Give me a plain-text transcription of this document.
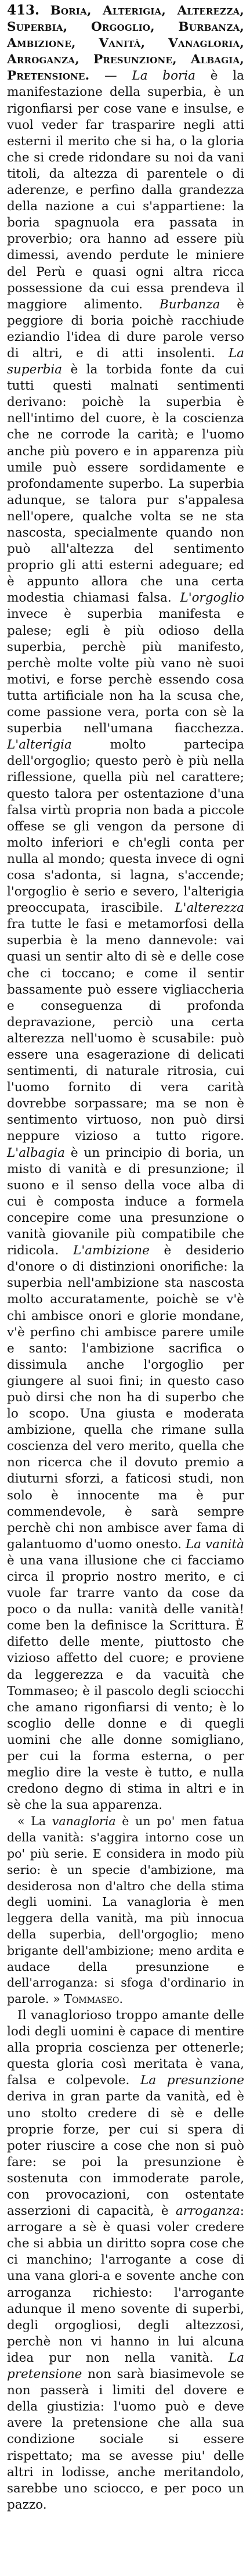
413. Boria, Alterigia, Alterezza, Superbia, Orgoglio, Burbanza, Ambizione, Vanità, Vanagloria, Arroganza, Presunzione, Albagia, Pretensione. — La boria è la manifestazione della superbia, è un rigonfiarsi per cose vane e insulse, e vuol veder far trasparire negli atti esterni il merito che si ha, o la gloria che si crede ridondare su noi da vani titoli, da altezza di parentele o di aderenze, e perfino dalla grandezza della nazione a cui s'appartiene: la boria spagnuola era passata in proverbio; ora hanno ad essere più dimessi, avendo perdute le miniere del Perù e quasi ogni altra ricca possessione da cui essa prendeva il maggiore alimento. Burbanza è peggiore di boria poichè racchiude eziandio l'idea di dure parole verso di altri, e di atti insolenti. La superbia è la torbida fonte da cui tutti questi malnati sentimenti derivano: poichè la superbia è nell'intimo del cuore, è la coscienza che ne corrode la carità; e l'uomo anche più povero e in apparenza più umile può essere sordidamente e profondamente superbo. La superbia adunque, se talora pur s'appalesa nell'opere, qualche volta se ne sta nascosta, specialmente quando non può all'altezza del sentimento proprio gli atti esterni adeguare; ed è appunto allora che una certa modestia chiamasi falsa. L'orgoglio invece è superbia manifesta e palese; egli è più odioso della superbia, perchè più manifesto, perchè molte volte più vano nè suoi motivi, e forse perchè essendo cosa tutta artificiale non ha la scusa che, come passione vera, porta con sè la superbia nell'umana fiacchezza. L'alterigia molto partecipa dell'orgoglio; questo però è più nella riflessione, quella più nel carattere; questo talora per ostentazione d'una falsa virtù propria non bada a piccole offese se gli vengon da persone di molto inferiori e ch'egli conta per nulla al mondo; questa invece di ogni cosa s'adonta, si lagna, s'accende; l'orgoglio è serio e severo, l'alterigia preoccupata, irascibile. L'alterezza fra tutte le fasi e metamorfosi della superbia è la meno dannevole: vai quasi un sentir alto di sè e delle cose che ci toccano; e come il sentir bassamente può essere vigliaccheria e conseguenza di profonda depravazione, perciò una certa alterezza nell'uomo è scusabile: può essere una esagerazione di delicati sentimenti, di naturale ritrosia, cui l'uomo fornito di vera carità dovrebbe sorpassare; ma se non è sentimento virtuoso, non può dirsi neppure vizioso a tutto rigore. L'albagia è un principio di boria, un misto di vanità e di presunzione; il suono e il senso della voce alba di cui è composta induce a formela concepire come una presunzione o vanità giovanile più compatibile che ridicola. L'ambizione è desiderio d'onore o di distinzioni onorifiche: la superbia nell'ambizione sta nascosta molto accuratamente, poichè se v'è chi ambisce onori e glorie mondane, v'è perfino chi ambisce parere umile e santo: l'ambizione sacrifica o dissimula anche l'orgoglio per giungere al suoi fini; in questo caso può dirsi che non ha di superbo che lo scopo. Una giusta e moderata ambizione, quella che rimane sulla coscienza del vero merito, quella che non ricerca che il dovuto premio a diuturni sforzi, a faticosi studi, non solo è innocente ma è pur commendevole, è sarà sempre perchè chi non ambisce aver fama di galantuomo d'uomo onesto. La vanità è una vana illusione che ci facciamo circa il proprio nostro merito, e ci vuole far trarre vanto da cose da poco o da nulla: vanità delle vanità! come ben la definisce la Scrittura. È difetto delle mente, piuttosto che vizioso affetto del cuore; e proviene da leggerezza e da vacuità che Tommaseo; è il pascolo degli sciocchi che amano rigonfiarsi di vento; è lo scoglio delle donne e di quegli uomini che alle donne somigliano, per cui la forma esterna, o per meglio dire la veste è tutto, e nulla credono degno di stima in altri e in sè che la sua apparenza.

« La vanagloria è un po' men fatua della vanità: s'aggira intorno cose un po' più serie. E considera in modo più serio: è un specie d'ambizione, ma desiderosa non d'altro che della stima degli uomini. La vanagloria è men leggera della vanità, ma più innocua della superbia, dell'orgoglio; meno brigante dell'ambizione; meno ardita e audace della presunzione e dell'arroganza: si sfoga d'ordinario in parole. » Tommaseo.

Il vanaglorioso troppo amante delle lodi degli uomini è capace di mentire alla propria coscienza per ottenerle; questa gloria così meritata è vana, falsa e colpevole. La presunzione deriva in gran parte da vanità, ed è uno stolto credere di sè e delle proprie forze, per cui si spera di poter riuscire a cose che non si può fare: se poi la presunzione è sostenuta con immoderate parole, con provocazioni, con ostentate asserzioni di capacità, è arroganza: arrogare a sè è quasi voler credere che si abbia un diritto sopra cose che ci manchino; l'arrogante a cose di una vana glori-a e sovente anche con arroganza richiesto: l'arrogante adunque il meno sovente di superbi, degli orgogliosi, degli altezzosi, perchè non vi hanno in lui alcuna idea pur non nella vanità. La pretensione non sarà biasimevole se non passerà i limiti del dovere e della giustizia: l'uomo può e deve avere la pretensione che alla sua condizione sociale si essere rispettato; ma se avesse piu' delle altri in lodisse, anche meritandolo, sarebbe uno sciocco, e per poco un pazzo.
